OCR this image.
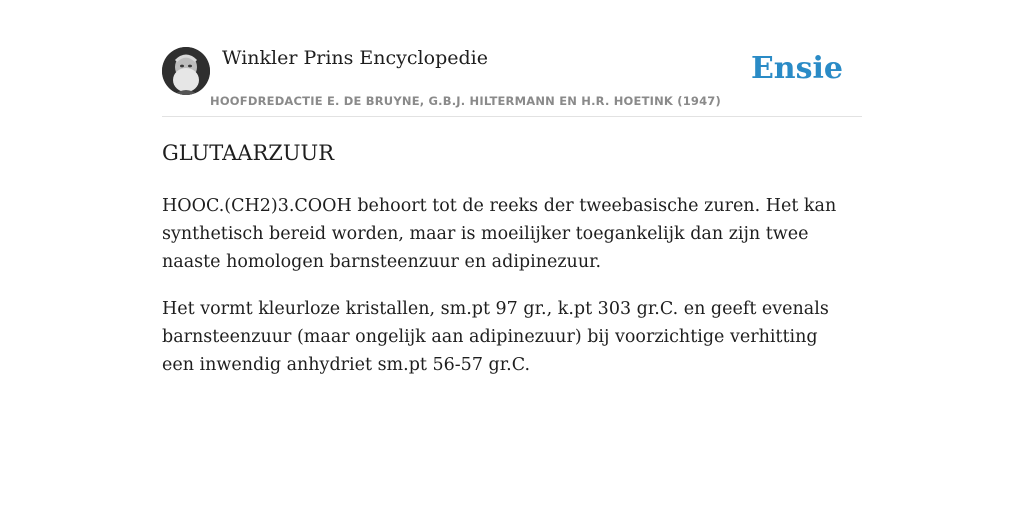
Winkler Prins Encyclopedie
HOOFDREDACTIE E. DE BRUYNE, G.B.J. HILTERMANN EN H.R. HOETINK (1947)
Ensie
GLUTAARZUUR

HOOC.(CH2)3.COOH behoort tot de reeks der tweebasische zuren. Het kan synthetisch bereid worden, maar is moeilijker toegankelijk dan zijn twee naaste homologen barnsteenzuur en adipinezuur.

Het vormt kleurloze kristallen, sm.pt 97 gr., k.pt 303 gr.C. en geeft evenals barnsteenzuur (maar ongelijk aan adipinezuur) bij voorzichtige verhitting een inwendig anhydriet sm.pt 56-57 gr.C.
